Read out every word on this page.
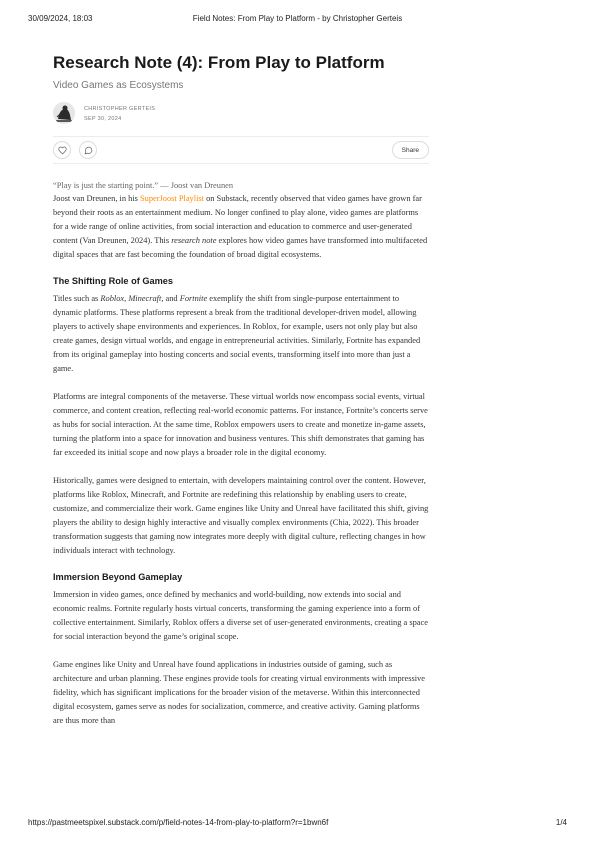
30/09/2024, 18:03	Field Notes: From Play to Platform - by Christopher Gerteis
Research Note (4): From Play to Platform
Video Games as Ecosystems
CHRISTOPHER GERTEIS
SEP 30, 2024
Share
“Play is just the starting point.” — Joost van Dreunen

Joost van Dreunen, in his SuperJoost Playlist on Substack, recently observed that video games have grown far beyond their roots as an entertainment medium. No longer confined to play alone, video games are platforms for a wide range of online activities, from social interaction and education to commerce and user-generated content (Van Dreunen, 2024). This research note explores how video games have transformed into multifaceted digital spaces that are fast becoming the foundation of broad digital ecosystems.

The Shifting Role of Games

Titles such as Roblox, Minecraft, and Fortnite exemplify the shift from single-purpose entertainment to dynamic platforms. These platforms represent a break from the traditional developer-driven model, allowing players to actively shape environments and experiences. In Roblox, for example, users not only play but also create games, design virtual worlds, and engage in entrepreneurial activities. Similarly, Fortnite has expanded from its original gameplay into hosting concerts and social events, transforming itself into more than just a game.

Platforms are integral components of the metaverse. These virtual worlds now encompass social events, virtual commerce, and content creation, reflecting real-world economic patterns. For instance, Fortnite’s concerts serve as hubs for social interaction. At the same time, Roblox empowers users to create and monetize in-game assets, turning the platform into a space for innovation and business ventures. This shift demonstrates that gaming has far exceeded its initial scope and now plays a broader role in the digital economy.

Historically, games were designed to entertain, with developers maintaining control over the content. However, platforms like Roblox, Minecraft, and Fortnite are redefining this relationship by enabling users to create, customize, and commercialize their work. Game engines like Unity and Unreal have facilitated this shift, giving players the ability to design highly interactive and visually complex environments (Chia, 2022). This broader transformation suggests that gaming now integrates more deeply with digital culture, reflecting changes in how individuals interact with technology.

Immersion Beyond Gameplay

Immersion in video games, once defined by mechanics and world-building, now extends into social and economic realms. Fortnite regularly hosts virtual concerts, transforming the gaming experience into a form of collective entertainment. Similarly, Roblox offers a diverse set of user-generated environments, creating a space for social interaction beyond the game’s original scope.

Game engines like Unity and Unreal have found applications in industries outside of gaming, such as architecture and urban planning. These engines provide tools for creating virtual environments with impressive fidelity, which has significant implications for the broader vision of the metaverse. Within this interconnected digital ecosystem, games serve as nodes for socialization, commerce, and creative activity. Gaming platforms are thus more than

https://pastmeetspixel.substack.com/p/field-notes-14-from-play-to-platform?r=1bwn6f	1/4
